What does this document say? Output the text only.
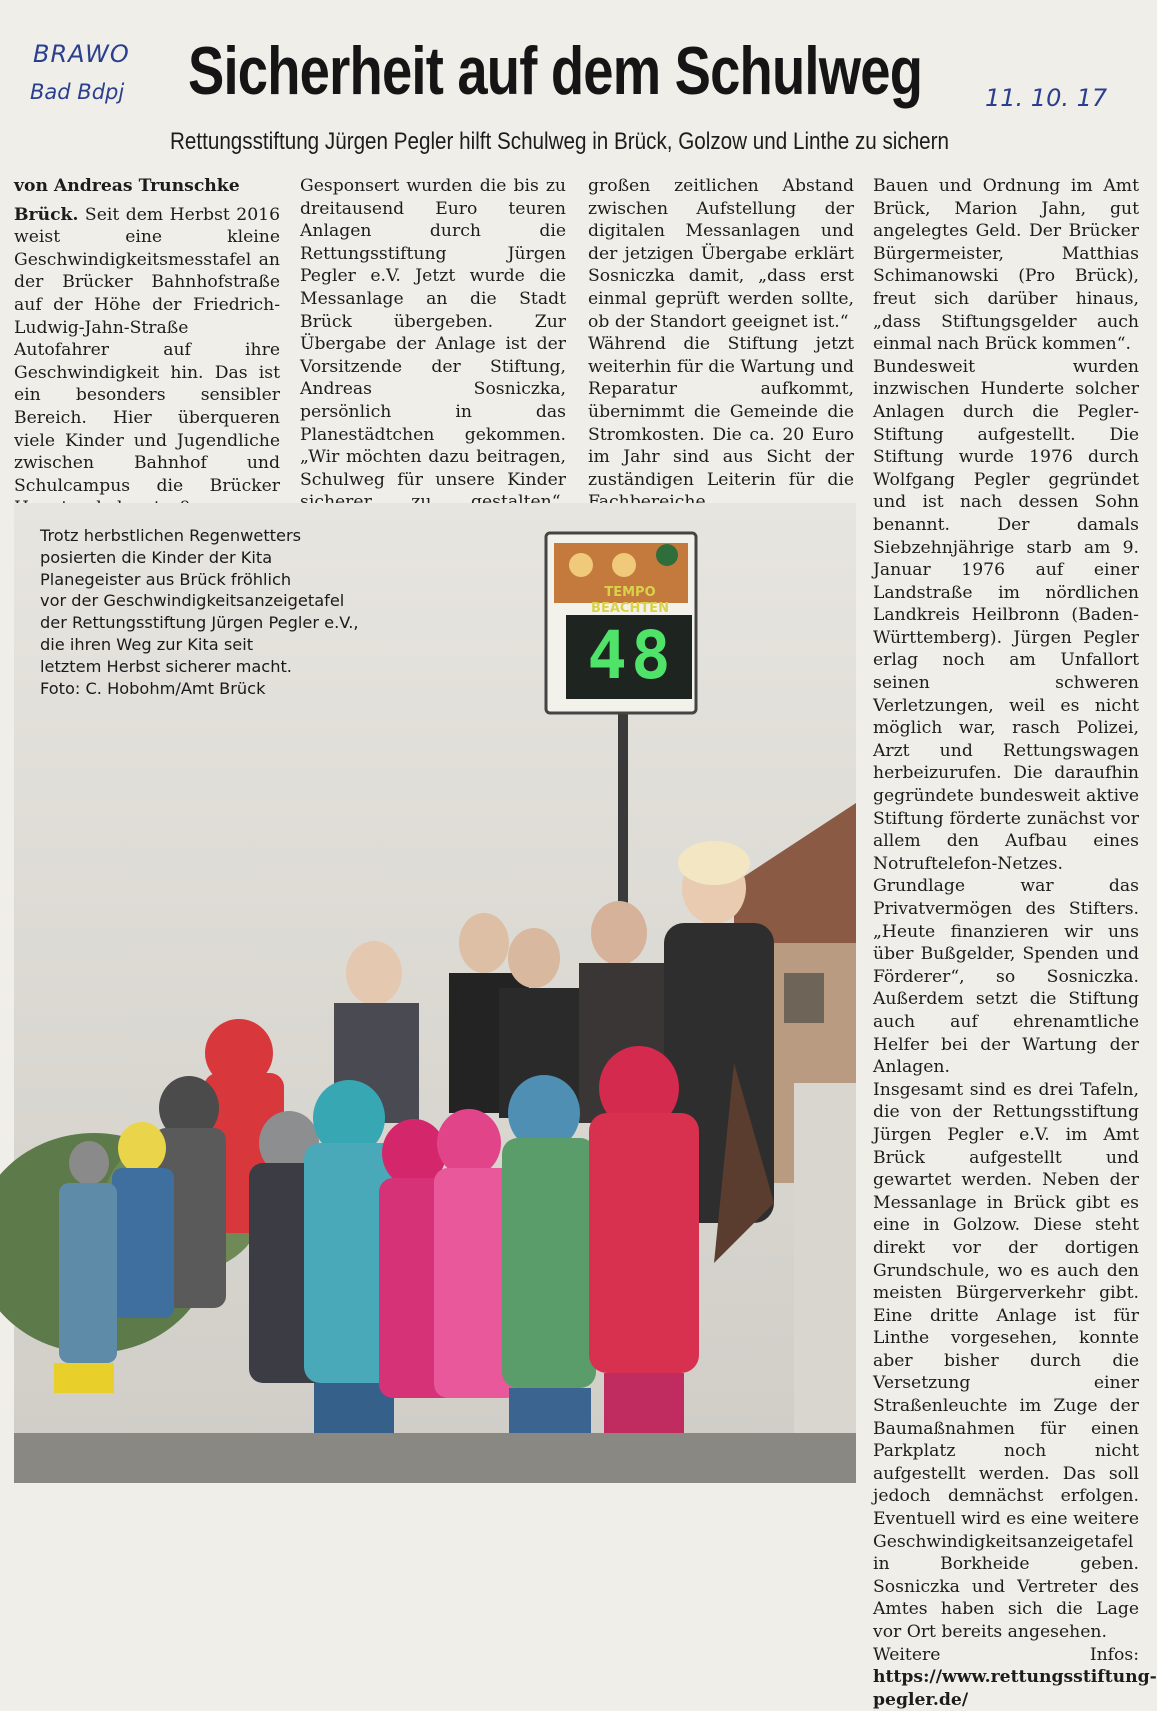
BRAWO
Bad Bdpj	11. 10. 17
Sicherheit auf dem Schulweg
Rettungsstiftung Jürgen Pegler hilft Schulweg in Brück, Golzow und Linthe zu sichern

von Andreas Trunschke

Brück. Seit dem Herbst 2016 weist eine kleine Geschwindigkeitsmesstafel an der Brücker Bahnhofstraße auf der Höhe der Friedrich-Ludwig-Jahn-Straße Autofahrer auf ihre Geschwindigkeit hin. Das ist ein besonders sensibler Bereich. Hier überqueren viele Kinder und Jugendliche zwischen Bahnhof und Schulcampus die Brücker

Gesponsert wurden die bis zu dreitausend Euro teuren Anlagen durch die Rettungsstiftung Jürgen Pegler e.V. Jetzt wurde die Messanlage an die Stadt Brück übergeben. Zur Übergabe der Anlage ist der Vorsitzende der Stiftung, Andreas Sosniczka, persönlich in das Planestädtchen gekommen. „Wir möchten dazu beitragen, Schulweg für unsere Kinder

großen zeitlichen Abstand zwischen Aufstellung der digitalen Messanlagen und der jetzigen Übergabe erklärt Sosniczka damit, „dass erst einmal geprüft werden sollte, ob der Standort geeignet ist.“

Während die Stiftung jetzt weiterhin für die Wartung und Reparatur aufkommt, übernimmt die Gemeinde die Stromkosten. Die ca. 20 Euro im Jahr sind aus Sicht der zuständigen Leiterin für die

Bauen und Ordnung im Amt Brück, Marion Jahn, gut angelegtes Geld. Der Brücker Bürgermeister, Matthias Schimanowski (Pro Brück), freut sich darüber hinaus, „dass Stiftungsgelder auch einmal nach Brück kommen“.

Bundesweit wurden inzwischen Hunderte solcher Anlagen durch die Pegler-Stiftung aufgestellt. Die Stiftung wurde 1976 durch Wolfgang Pegler gegründet und ist nach dessen Sohn benannt. Der damals Siebzehnjährige starb am 9. Januar 1976 auf einer Landstraße im nördlichen Landkreis Heilbronn (Baden-Württemberg). Jürgen Pegler erlag noch am Unfallort seinen schweren Verletzungen, weil es nicht möglich war, rasch Polizei, Arzt und Rettungswagen herbeizurufen. Die daraufhin gegründete bundesweit aktive Stiftung förderte zunächst vor allem den Aufbau eines Notruftelefon-Netzes. Grundlage war das Privatvermögen des Stifters. „Heute finanzieren wir uns über Bußgelder, Spenden und Förderer“, so Sosniczka. Außerdem setzt die Stiftung auch auf ehrenamtliche Helfer bei der Wartung der Anlagen.

Insgesamt sind es drei Tafeln, die von der Rettungsstiftung Jürgen Pegler e.V. im Amt Brück aufgestellt und gewartet werden. Neben der Messanlage in Brück gibt es eine in Golzow. Diese steht direkt vor der dortigen Grundschule, wo es auch den meisten Bürgerverkehr gibt. Eine dritte Anlage ist für Linthe vorgesehen, konnte aber bisher durch die Versetzung einer Straßenleuchte im Zuge der Baumaßnahmen für einen Parkplatz noch nicht aufgestellt werden. Das soll jedoch demnächst erfolgen. Eventuell wird es eine weitere Geschwindigkeitsanzeigetafel in Borkheide geben. Sosniczka und Vertreter des Amtes haben sich die Lage vor Ort bereits angesehen.

Weitere Infos: https://www.rettungsstiftung-pegler.de/

Trotz herbstlichen Regenwetters
posierten die Kinder der Kita
Planegeister aus Brück fröhlich
vor der Geschwindigkeitsanzeigetafel
der Rettungsstiftung Jürgen Pegler e.V.,
die ihren Weg zur Kita seit
letztem Herbst sicherer macht.
Foto: C. Hobohm/Amt Brück
TEMPO
BEACHTEN
48
